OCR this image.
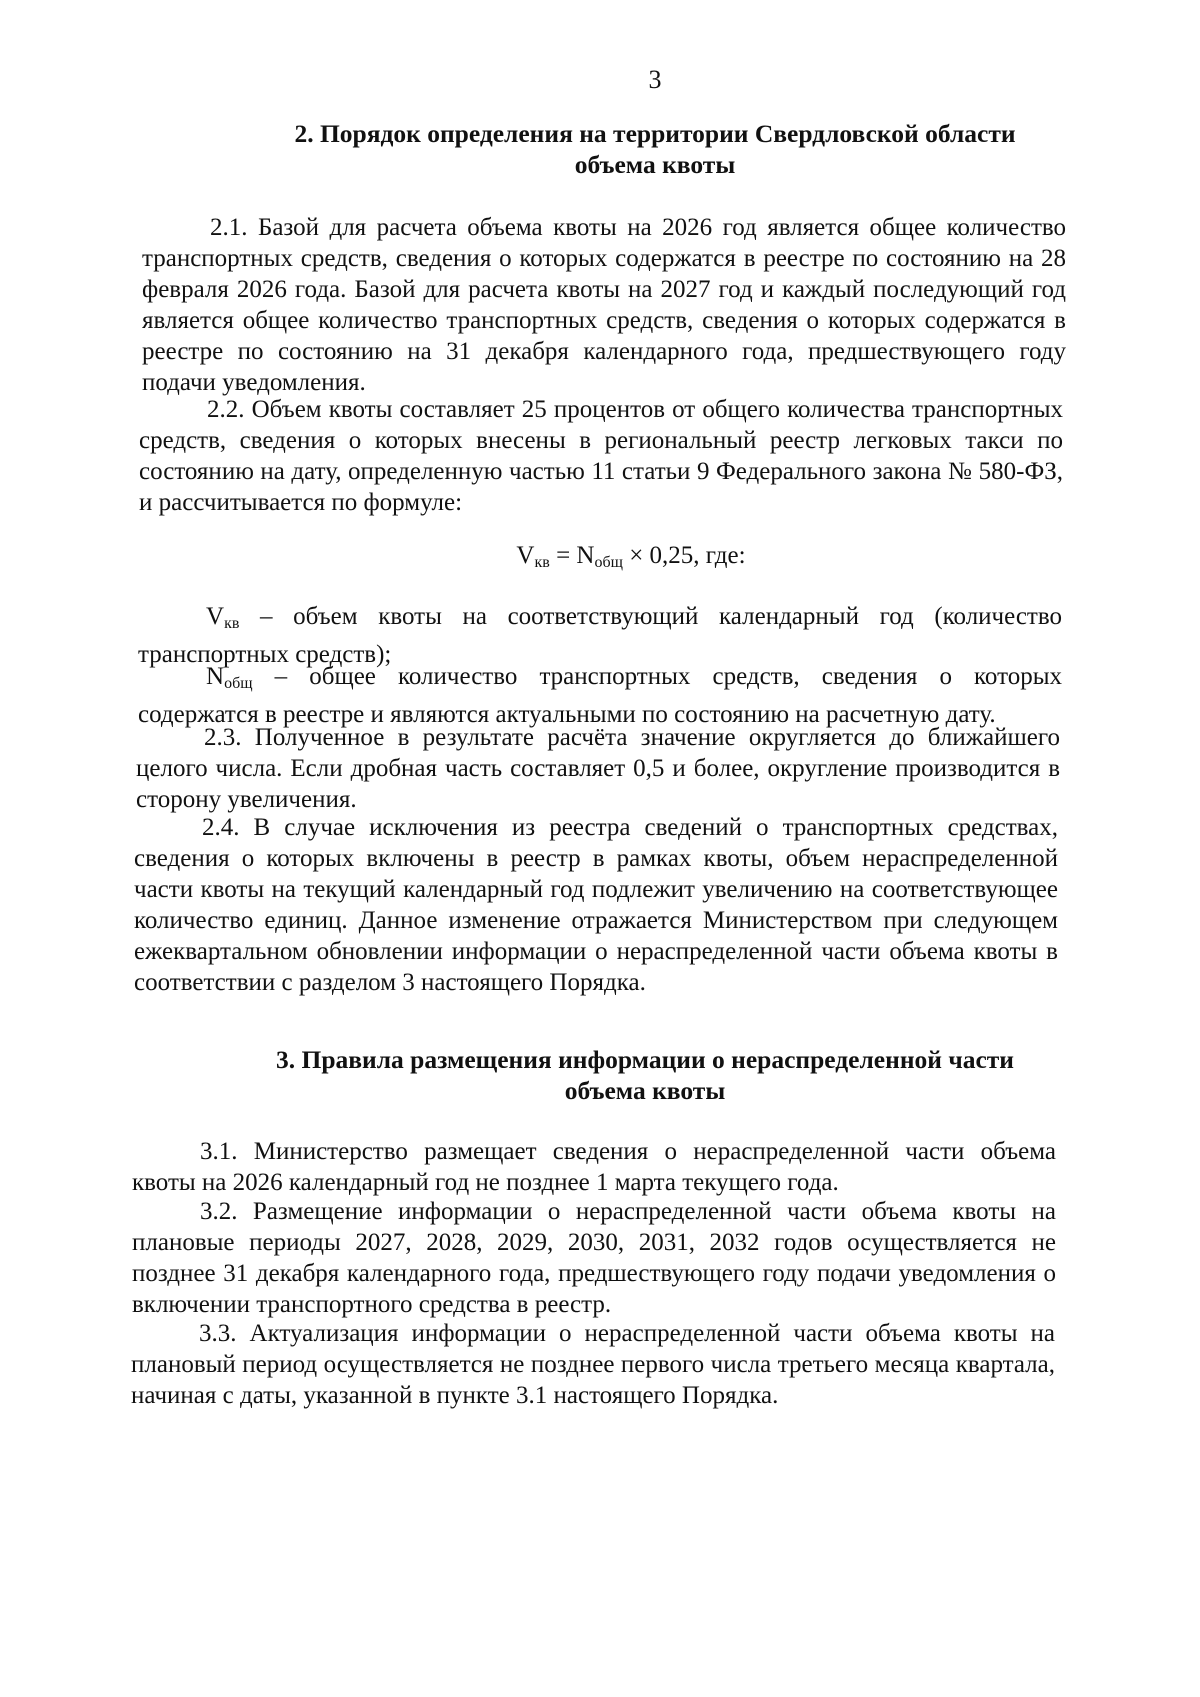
3
2. Порядок определения на территории Свердловской области
объема квоты

2.1. Базой для расчета объема квоты на 2026 год является общее количество транспортных средств, сведения о которых содержатся в реестре по состоянию на 28 февраля 2026 года. Базой для расчета квоты на 2027 год и каждый последующий год является общее количество транспортных средств, сведения о которых содержатся в реестре по состоянию на 31 декабря календарного года, предшествующего году подачи уведомления.

2.2. Объем квоты составляет 25 процентов от общего количества транспортных средств, сведения о которых внесены в региональный реестр легковых такси по состоянию на дату, определенную частью 11 статьи 9 Федерального закона № 580-ФЗ, и рассчитывается по формуле:

$V_{кв} = N_{общ} \times 0,25$, где:

$V_{кв}$ – объем квоты на соответствующий календарный год (количество транспортных средств);

$N_{общ}$ – общее количество транспортных средств, сведения о которых содержатся в реестре и являются актуальными по состоянию на расчетную дату.

2.3. Полученное в результате расчёта значение округляется до ближайшего целого числа. Если дробная часть составляет 0,5 и более, округление производится в сторону увеличения.

2.4. В случае исключения из реестра сведений о транспортных средствах, сведения о которых включены в реестр в рамках квоты, объем нераспределенной части квоты на текущий календарный год подлежит увеличению на соответствующее количество единиц. Данное изменение отражается Министерством при следующем ежеквартальном обновлении информации о нераспределенной части объема квоты в соответствии с разделом 3 настоящего Порядка.

3. Правила размещения информации о нераспределенной части
объема квоты

3.1. Министерство размещает сведения о нераспределенной части объема квоты на 2026 календарный год не позднее 1 марта текущего года.

3.2. Размещение информации о нераспределенной части объема квоты на плановые периоды 2027, 2028, 2029, 2030, 2031, 2032 годов осуществляется не позднее 31 декабря календарного года, предшествующего году подачи уведомления о включении транспортного средства в реестр.

3.3. Актуализация информации о нераспределенной части объема квоты на плановый период осуществляется не позднее первого числа третьего месяца квартала, начиная с даты, указанной в пункте 3.1 настоящего Порядка.
